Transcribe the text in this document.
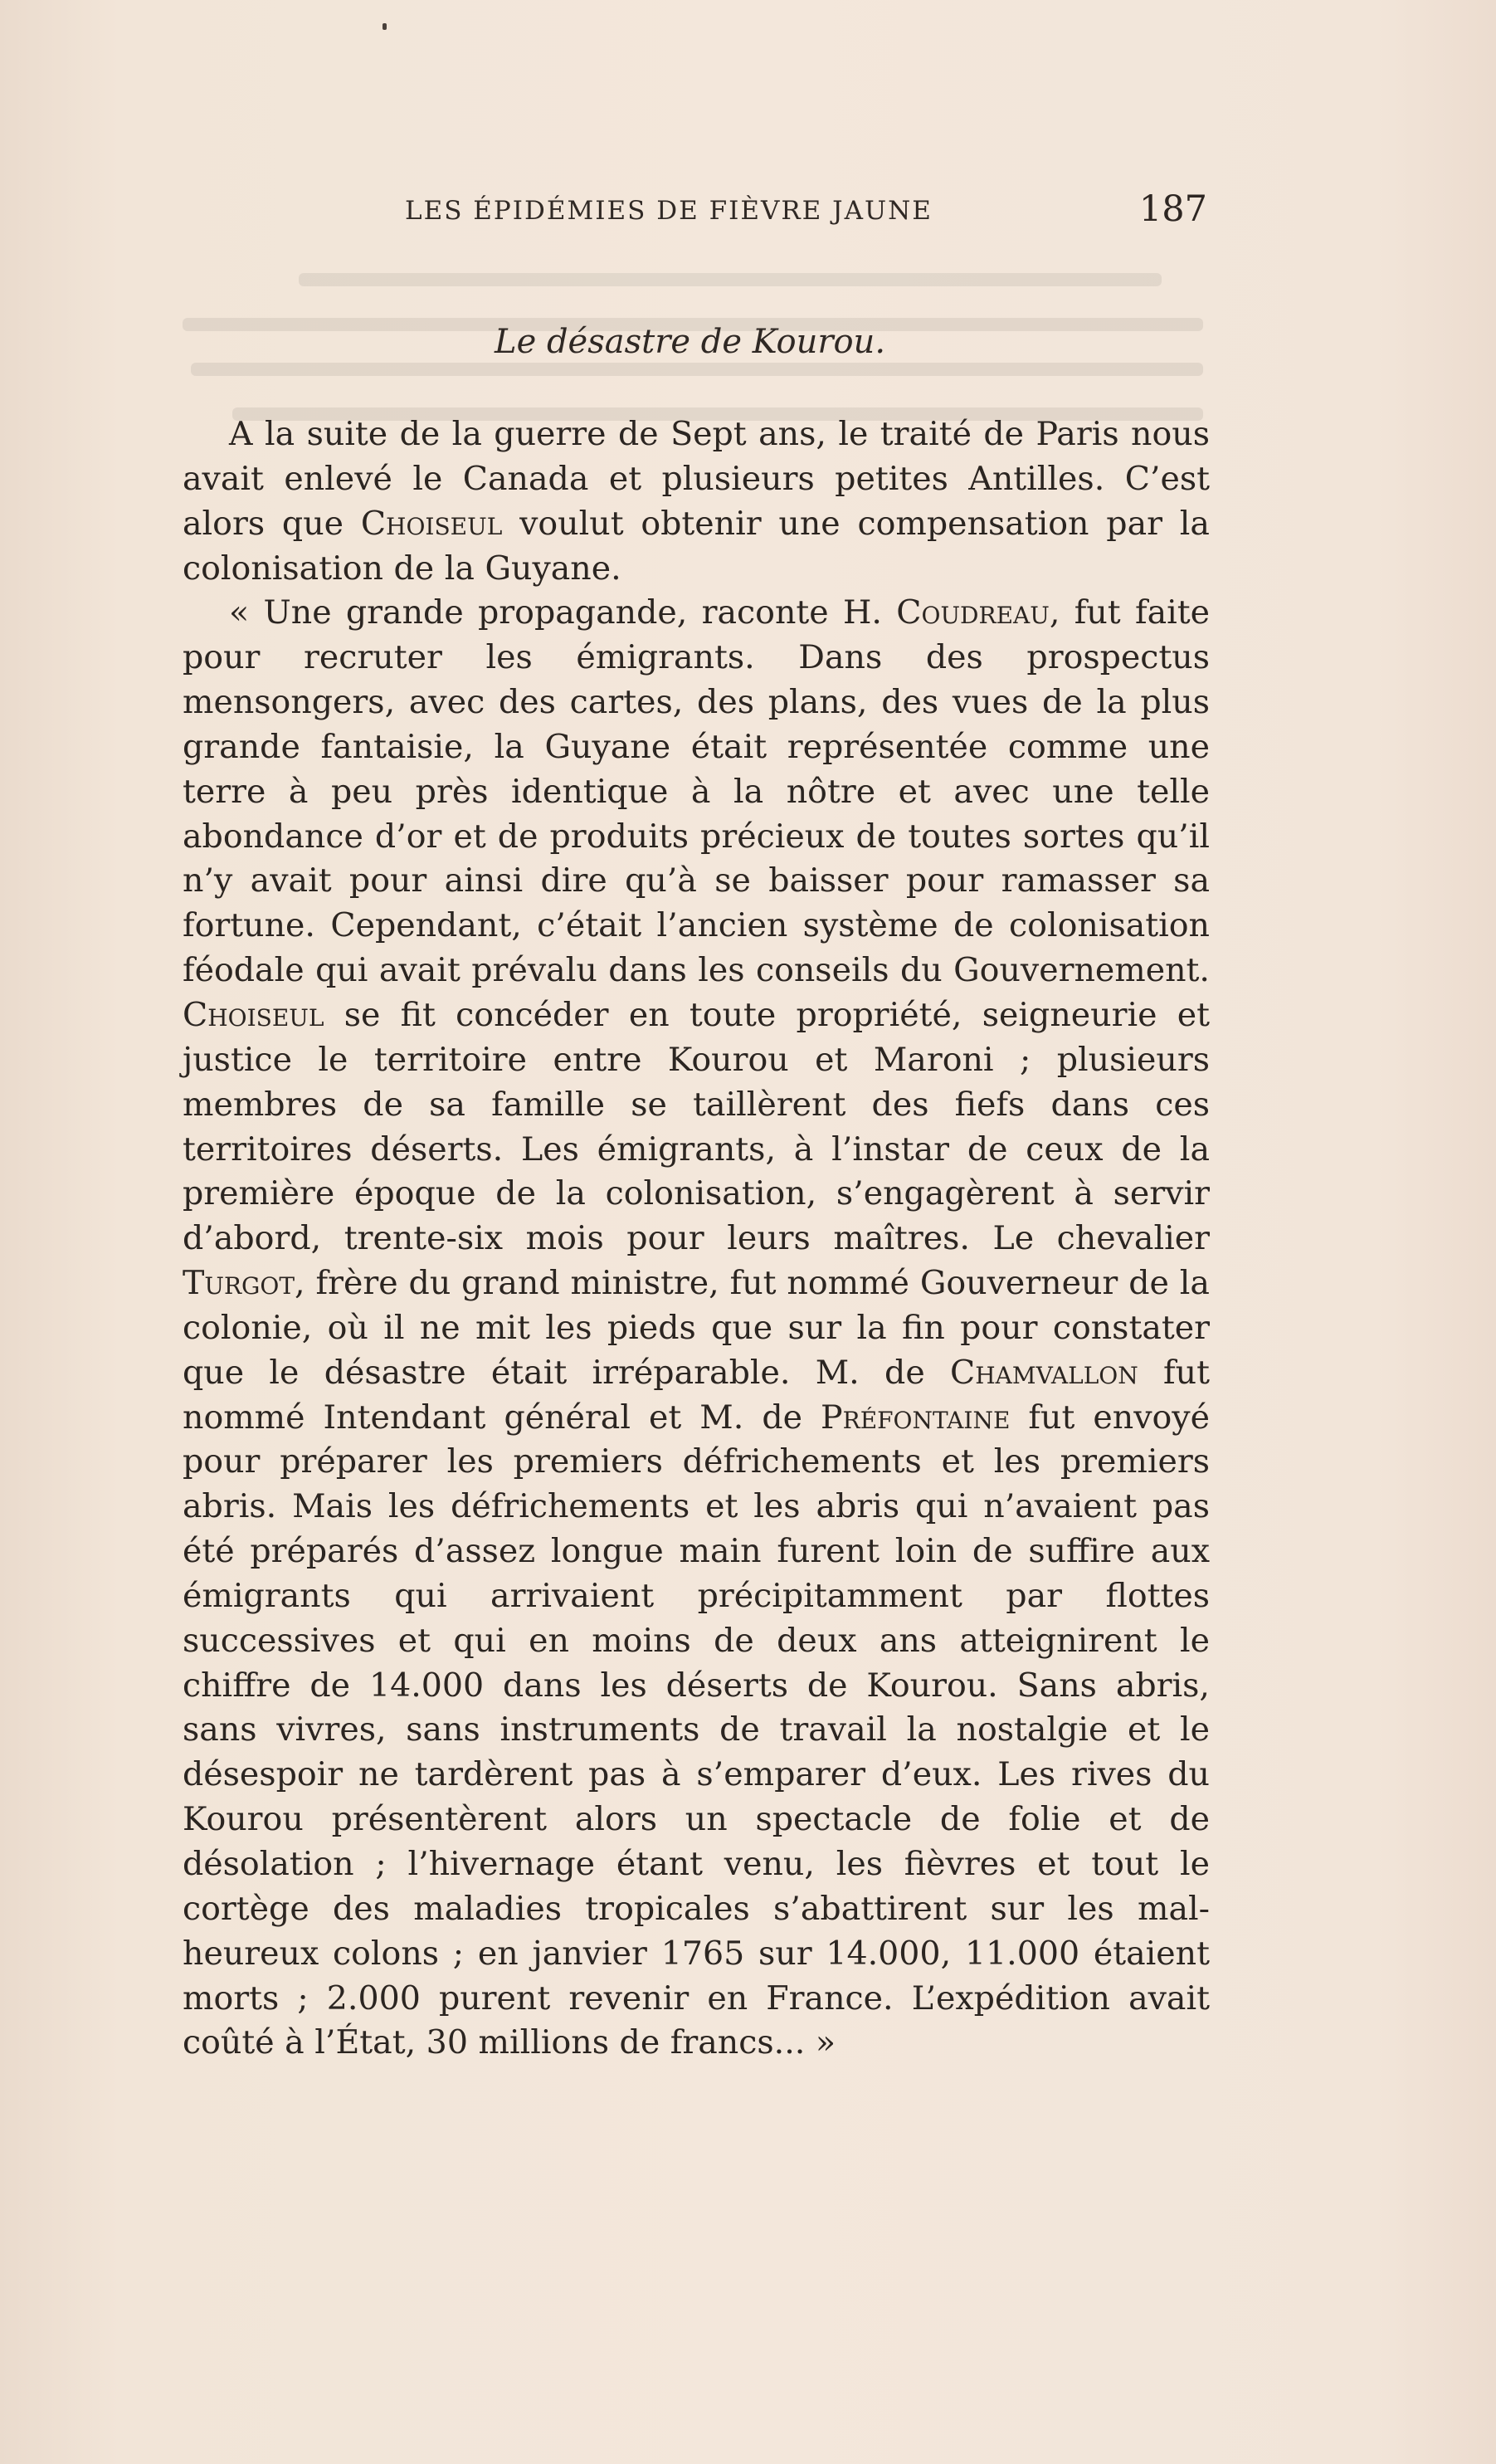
LES ÉPIDÉMIES DE FIÈVRE JAUNE	187
Le désastre de Kourou.

A la suite de la guerre de Sept ans, le traité de Paris nous avait enlevé le Canada et plusieurs petites Antilles. C’est alors que Choiseul voulut obtenir une compensation par la colonisation de la Guyane.

« Une grande propagande, raconte H. Coudreau, fut faite pour recruter les émigrants. Dans des prospectus mensongers, avec des cartes, des plans, des vues de la plus grande fantaisie, la Guyane était représentée comme une terre à peu près identique à la nôtre et avec une telle abondance d’or et de produits précieux de toutes sortes qu’il n’y avait pour ainsi dire qu’à se baisser pour ramasser sa fortune. Cependant, c’était l’ancien système de colonisation féodale qui avait prévalu dans les conseils du Gouvernement. Choiseul se fit concéder en toute propriété, seigneurie et justice le territoire entre Kourou et Maroni ; plusieurs membres de sa famille se taillèrent des fiefs dans ces territoires déserts. Les émigrants, à l’instar de ceux de la première époque de la colonisation, s’engagèrent à servir d’abord, trente-six mois pour leurs maîtres. Le chevalier Turgot, frère du grand ministre, fut nommé Gouverneur de la colonie, où il ne mit les pieds que sur la fin pour constater que le désastre était irréparable. M. de Chamvallon fut nommé Intendant général et M. de Préfontaine fut envoyé pour préparer les premiers défrichements et les premiers abris. Mais les défrichements et les abris qui n’avaient pas été préparés d’assez longue main furent loin de suffire aux émigrants qui arrivaient précipitamment par flottes successives et qui en moins de deux ans atteignirent le chiffre de 14.000 dans les déserts de Kourou. Sans abris, sans vivres, sans instruments de travail la nostalgie et le désespoir ne tardèrent pas à s’emparer d’eux. Les rives du Kourou présentèrent alors un spectacle de folie et de désolation ; l’hivernage étant venu, les fièvres et tout le cortège des maladies tropicales s’abattirent sur les malheureux colons ; en janvier 1765 sur 14.000, 11.000 étaient morts ; 2.000 purent revenir en France. L’expédition avait coûté à l’État, 30 millions de francs... »
